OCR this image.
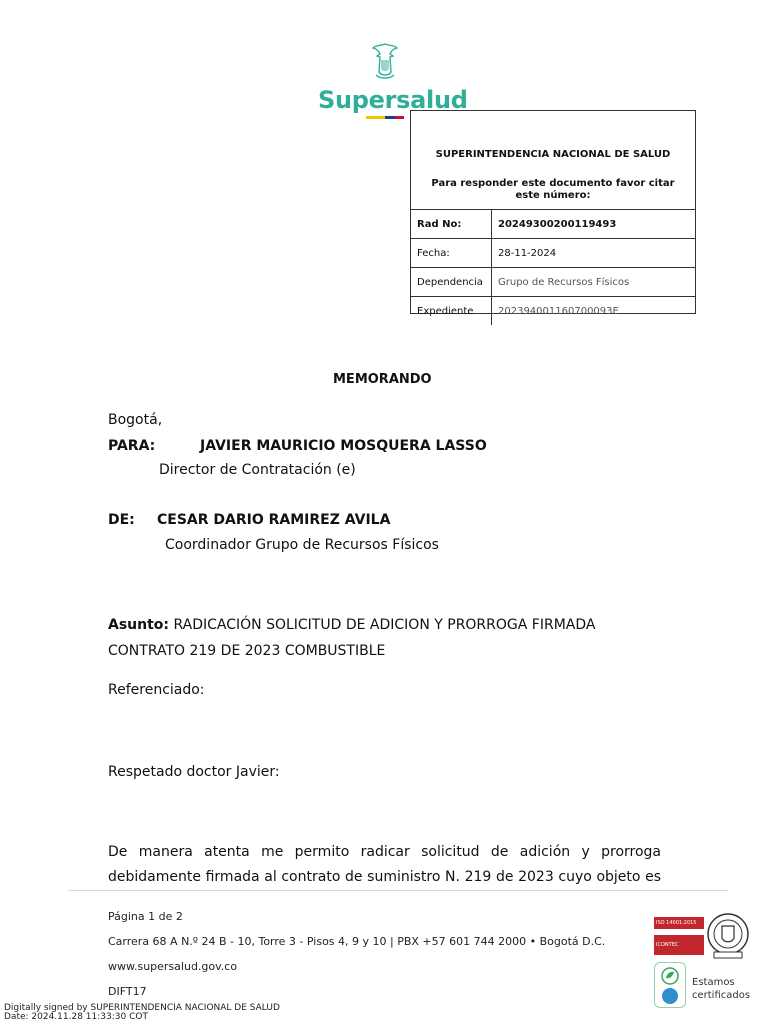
Supersalud
SUPERINTENDENCIA NACIONAL DE SALUD
Para responder este documento favor citar este número:
Rad No:	20249300200119493
Fecha:	28-11-2024
Dependencia	Grupo de Recursos Físicos
Expediente	202394001160700093E
MEMORANDO
Bogotá,
PARA:	JAVIER MAURICIO MOSQUERA LASSO
Director de Contratación (e)
DE: CESAR DARIO RAMIREZ AVILA
Coordinador Grupo de Recursos Físicos
Asunto: RADICACIÓN SOLICITUD DE ADICION Y PRORROGA FIRMADA
CONTRATO 219 DE 2023 COMBUSTIBLE
Referenciado:
Respetado doctor Javier:
De manera atenta me permito radicar solicitud de adición y prorroga
debidamente firmada al contrato de suministro N. 219 de 2023 cuyo objeto es
Página 1 de 2
Carrera 68 A N.º 24 B - 10, Torre 3 - Pisos 4, 9 y 10 | PBX +57 601 744 2000 • Bogotá D.C.
www.supersalud.gov.co
DIFT17
ISO 14001:2015
ICONTEC
Estamos certificados
Digitally signed by SUPERINTENDENCIA NACIONAL DE SALUD
Date: 2024.11.28 11:33:30 COT
